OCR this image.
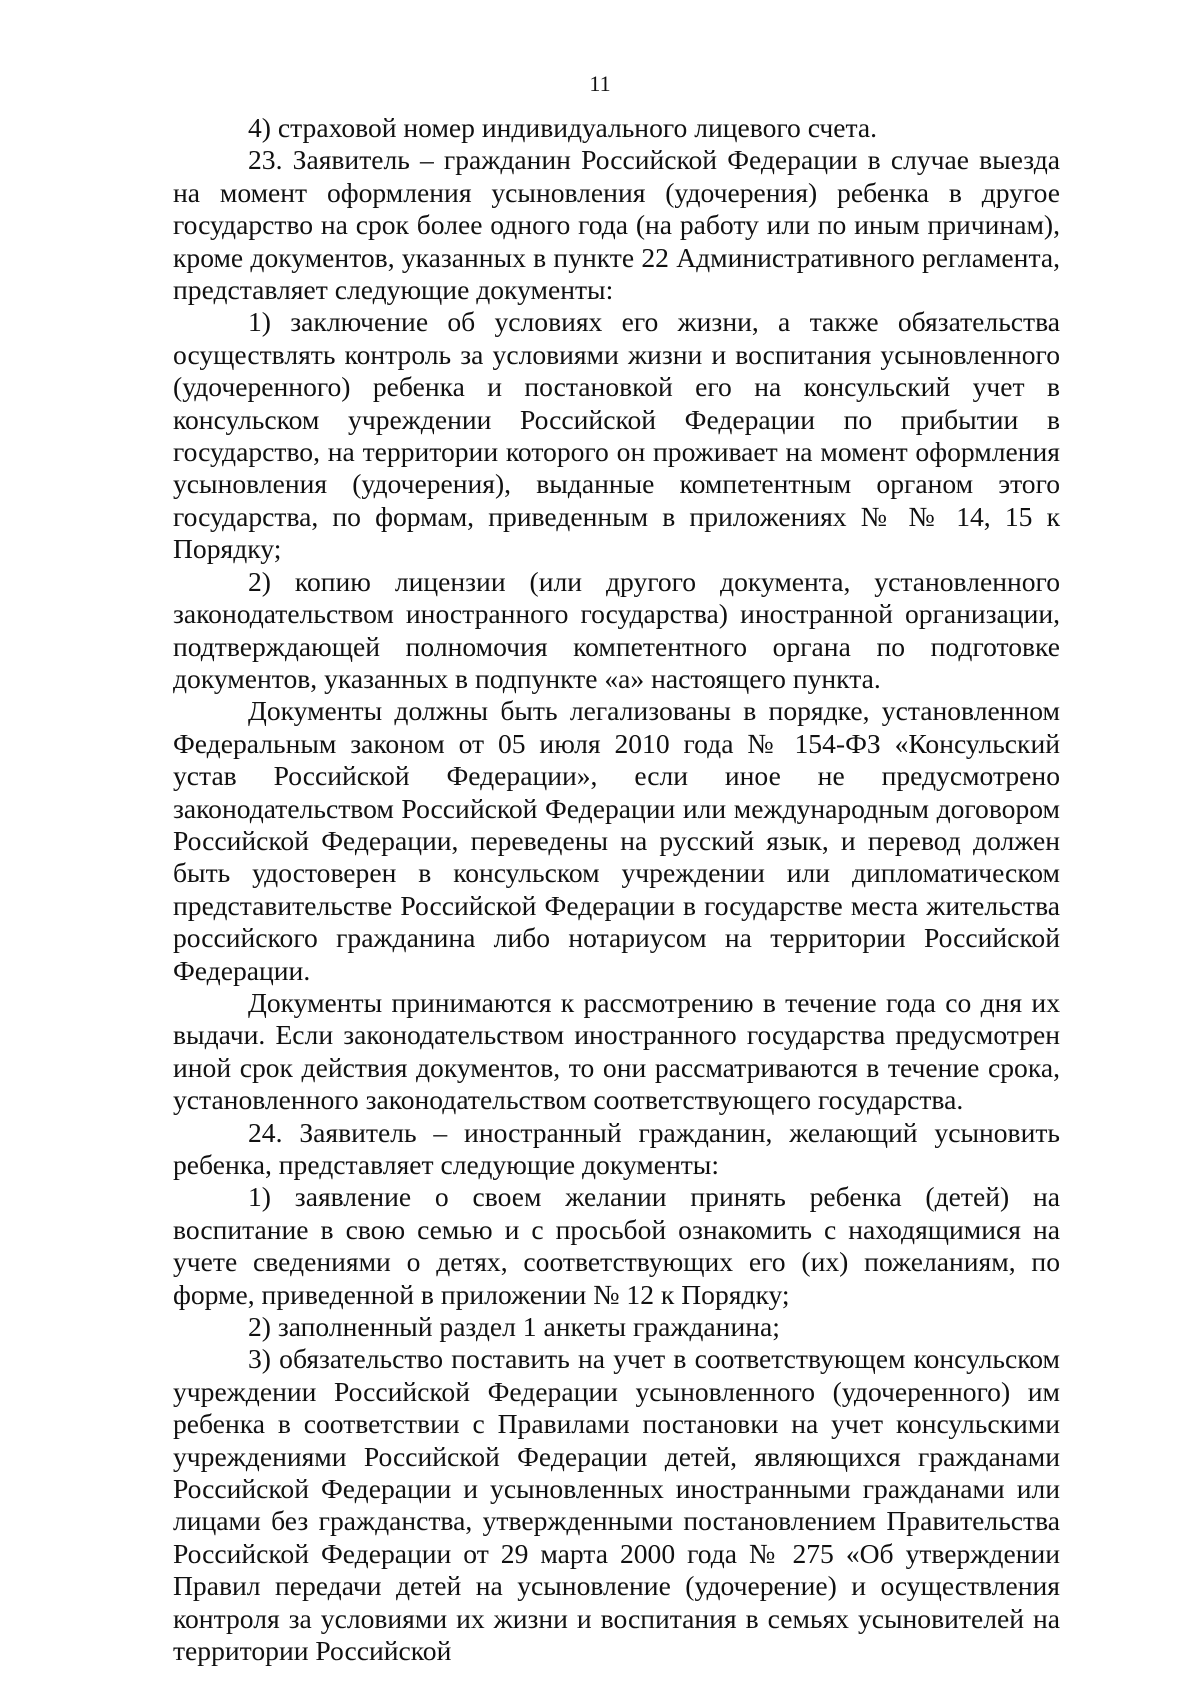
11

4) страховой номер индивидуального лицевого счета.

23. Заявитель – гражданин Российской Федерации в случае выезда на момент оформления усыновления (удочерения) ребенка в другое государство на срок более одного года (на работу или по иным причинам), кроме документов, указанных в пункте 22 Административного регламента, представляет следующие документы:

1) заключение об условиях его жизни, а также обязательства осуществлять контроль за условиями жизни и воспитания усыновленного (удочеренного) ребенка и постановкой его на консульский учет в консульском учреждении Российской Федерации по прибытии в государство, на территории которого он проживает на момент оформления усыновления (удочерения), выданные компетентным органом этого государства, по формам, приведенным в приложениях № № 14, 15 к Порядку;

2) копию лицензии (или другого документа, установленного законодательством иностранного государства) иностранной организации, подтверждающей полномочия компетентного органа по подготовке документов, указанных в подпункте «а» настоящего пункта.

Документы должны быть легализованы в порядке, установленном Федеральным законом от 05 июля 2010 года № 154-ФЗ «Консульский устав Российской Федерации», если иное не предусмотрено законодательством Российской Федерации или международным договором Российской Федерации, переведены на русский язык, и перевод должен быть удостоверен в консульском учреждении или дипломатическом представительстве Российской Федерации в государстве места жительства российского гражданина либо нотариусом на территории Российской Федерации.

Документы принимаются к рассмотрению в течение года со дня их выдачи. Если законодательством иностранного государства предусмотрен иной срок действия документов, то они рассматриваются в течение срока, установленного законодательством соответствующего государства.

24. Заявитель – иностранный гражданин, желающий усыновить ребенка, представляет следующие документы:

1) заявление о своем желании принять ребенка (детей) на воспитание в свою семью и с просьбой ознакомить с находящимися на учете сведениями о детях, соответствующих его (их) пожеланиям, по форме, приведенной в приложении № 12 к Порядку;

2) заполненный раздел 1 анкеты гражданина;

3) обязательство поставить на учет в соответствующем консульском учреждении Российской Федерации усыновленного (удочеренного) им ребенка в соответствии с Правилами постановки на учет консульскими учреждениями Российской Федерации детей, являющихся гражданами Российской Федерации и усыновленных иностранными гражданами или лицами без гражданства, утвержденными постановлением Правительства Российской Федерации от 29 марта 2000 года № 275 «Об утверждении Правил передачи детей на усыновление (удочерение) и осуществления контроля за условиями их жизни и воспитания в семьях усыновителей на территории Российской
